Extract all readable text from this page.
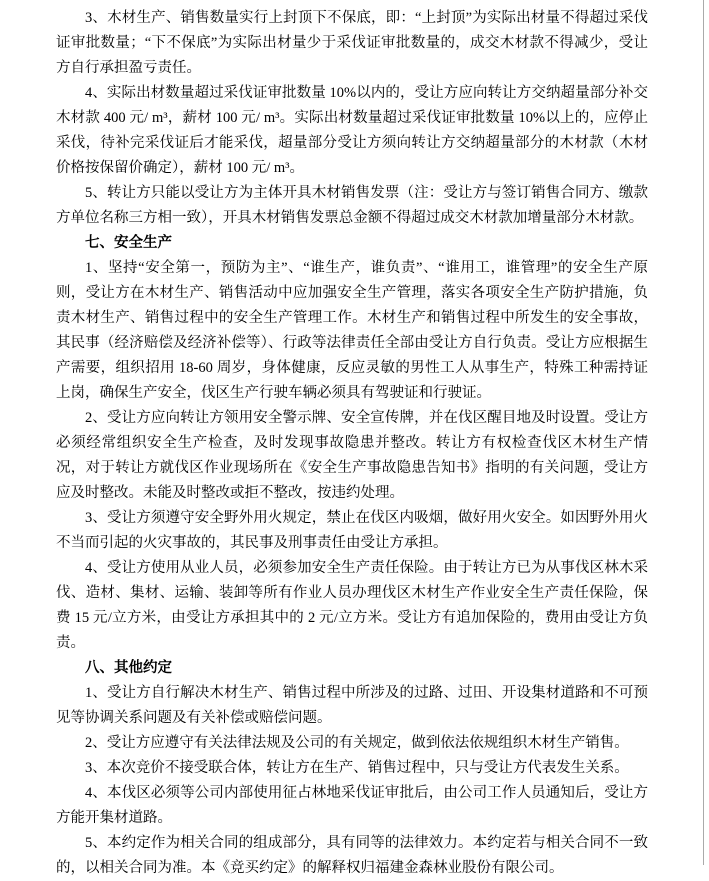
3、木材生产、销售数量实行上封顶下不保底，即：“上封顶”为实际出材量不得超过采伐证审批数量；“下不保底”为实际出材量少于采伐证审批数量的，成交木材款不得减少，受让方自行承担盈亏责任。

4、实际出材数量超过采伐证审批数量 10%以内的，受让方应向转让方交纳超量部分补交木材款 400 元/ m³，薪材 100 元/ m³。实际出材数量超过采伐证审批数量 10%以上的，应停止采伐，待补完采伐证后才能采伐，超量部分受让方须向转让方交纳超量部分的木材款（木材价格按保留价确定），薪材 100 元/ m³。

5、转让方只能以受让方为主体开具木材销售发票（注：受让方与签订销售合同方、缴款方单位名称三方相一致），开具木材销售发票总金额不得超过成交木材款加增量部分木材款。

七、安全生产

1、坚持“安全第一，预防为主”、“谁生产，谁负责”、“谁用工，谁管理”的安全生产原则，受让方在木材生产、销售活动中应加强安全生产管理，落实各项安全生产防护措施，负责木材生产、销售过程中的安全生产管理工作。木材生产和销售过程中所发生的安全事故，其民事（经济赔偿及经济补偿等）、行政等法律责任全部由受让方自行负责。受让方应根据生产需要，组织招用 18-60 周岁，身体健康，反应灵敏的男性工人从事生产，特殊工种需持证上岗，确保生产安全，伐区生产行驶车辆必须具有驾驶证和行驶证。

2、受让方应向转让方领用安全警示牌、安全宣传牌，并在伐区醒目地及时设置。受让方必须经常组织安全生产检查，及时发现事故隐患并整改。转让方有权检查伐区木材生产情况，对于转让方就伐区作业现场所在《安全生产事故隐患告知书》指明的有关问题，受让方应及时整改。未能及时整改或拒不整改，按违约处理。

3、受让方须遵守安全野外用火规定，禁止在伐区内吸烟，做好用火安全。如因野外用火不当而引起的火灾事故的，其民事及刑事责任由受让方承担。

4、受让方使用从业人员，必须参加安全生产责任保险。由于转让方已为从事伐区林木采伐、造材、集材、运输、装卸等所有作业人员办理伐区木材生产作业安全生产责任保险，保费 15 元/立方米，由受让方承担其中的 2 元/立方米。受让方有追加保险的，费用由受让方负责。

八、其他约定

1、受让方自行解决木材生产、销售过程中所涉及的过路、过田、开设集材道路和不可预见等协调关系问题及有关补偿或赔偿问题。

2、受让方应遵守有关法律法规及公司的有关规定，做到依法依规组织木材生产销售。

3、本次竞价不接受联合体，转让方在生产、销售过程中，只与受让方代表发生关系。

4、本伐区必须等公司内部使用征占林地采伐证审批后，由公司工作人员通知后，受让方方能开集材道路。

5、本约定作为相关合同的组成部分，具有同等的法律效力。本约定若与相关合同不一致的，以相关合同为准。本《竞买约定》的解释权归福建金森林业股份有限公司。
